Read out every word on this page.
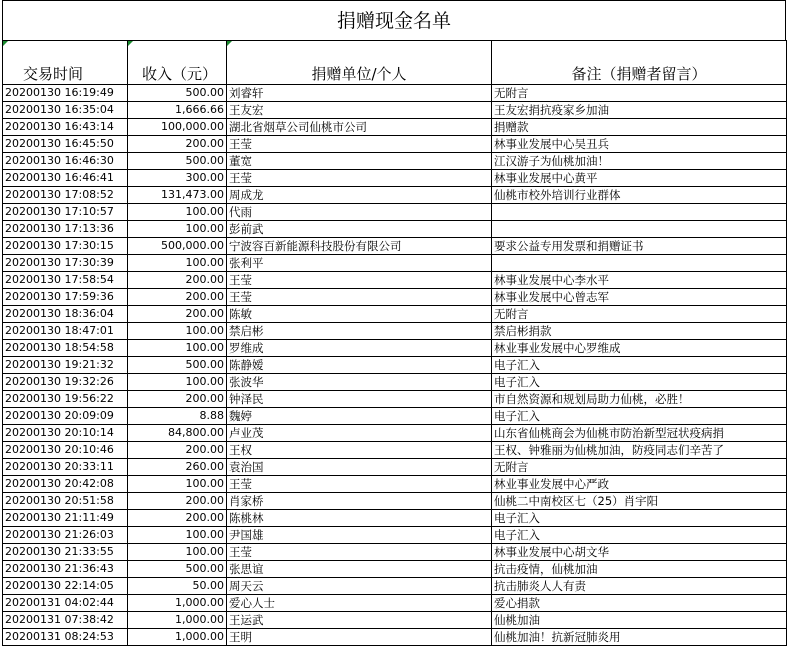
捐赠现金名单
交易时间	收入（元）	捐赠单位/个人	备注（捐赠者留言）
20200130 16:19:49	500.00	刘睿轩	无附言
20200130 16:35:04	1,666.66	王友宏	王友宏捐抗疫家乡加油
20200130 16:43:14	100,000.00	湖北省烟草公司仙桃市公司	捐赠款
20200130 16:45:50	200.00	王莹	林事业发展中心吴丑兵
20200130 16:46:30	500.00	董宽	江汉游子为仙桃加油！
20200130 16:46:41	300.00	王莹	林事业发展中心黄平
20200130 17:08:52	131,473.00	周成龙	仙桃市校外培训行业群体
20200130 17:10:57	100.00	代雨	
20200130 17:13:36	100.00	彭前武	
20200130 17:30:15	500,000.00	宁波容百新能源科技股份有限公司	要求公益专用发票和捐赠证书
20200130 17:30:39	100.00	张利平	
20200130 17:58:54	200.00	王莹	林事业发展中心李水平
20200130 17:59:36	200.00	王莹	林事业发展中心曾志军
20200130 18:36:04	200.00	陈敏	无附言
20200130 18:47:01	100.00	禁启彬	禁启彬捐款
20200130 18:54:58	100.00	罗维成	林业事业发展中心罗维成
20200130 19:21:32	500.00	陈静嫒	电子汇入
20200130 19:32:26	100.00	张波华	电子汇入
20200130 19:56:22	200.00	钟泽民	市自然资源和规划局助力仙桃，必胜！
20200130 20:09:09	8.88	魏婷	电子汇入
20200130 20:10:14	84,800.00	卢业茂	山东省仙桃商会为仙桃市防治新型冠状疫病捐
20200130 20:10:46	200.00	王权	王权、钟雅丽为仙桃加油，防疫同志们辛苦了
20200130 20:33:11	260.00	袁治国	无附言
20200130 20:42:08	100.00	王莹	林业事业发展中心严政
20200130 20:51:58	200.00	肖家桥	仙桃二中南校区七（25）肖宇阳
20200130 21:11:49	200.00	陈桃林	电子汇入
20200130 21:26:03	100.00	尹国雄	电子汇入
20200130 21:33:55	100.00	王莹	林事业发展中心胡文华
20200130 21:36:43	500.00	张思谊	抗击疫情，仙桃加油
20200130 22:14:05	50.00	周天云	抗击肺炎人人有责
20200131 04:02:44	1,000.00	爱心人士	爱心捐款
20200131 07:38:42	1,000.00	王运武	仙桃加油
20200131 08:24:53	1,000.00	王明	仙桃加油！抗新冠肺炎用
